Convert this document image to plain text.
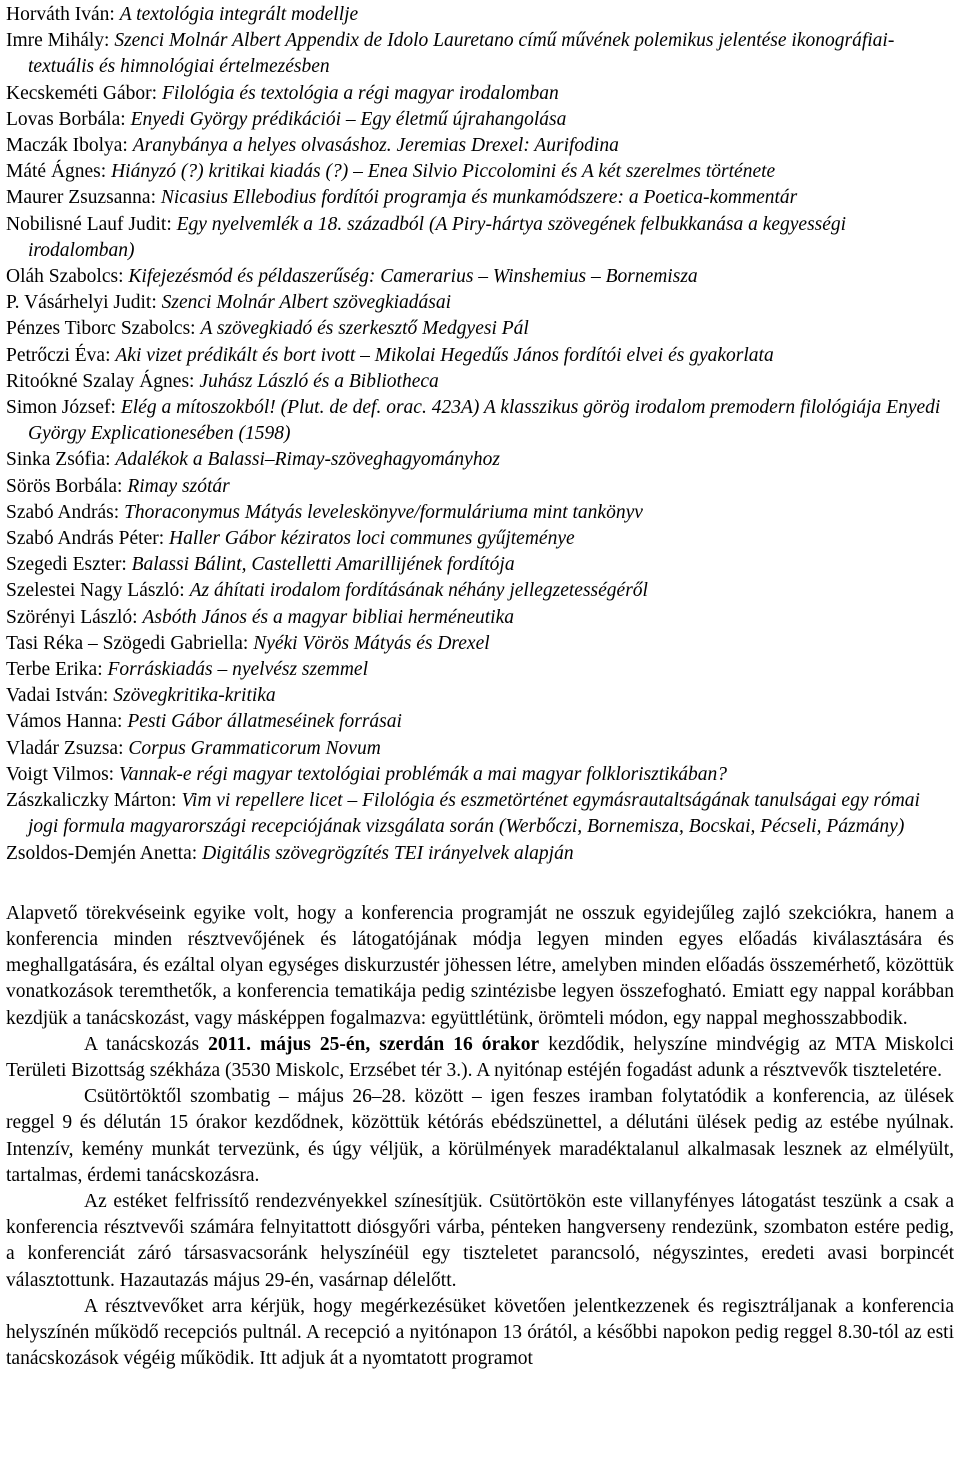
Horváth Iván: A textológia integrált modellje
Imre Mihály: Szenci Molnár Albert Appendix de Idolo Lauretano című művének polemikus jelentése ikonográfiai-textuális és himnológiai értelmezésben
Kecskeméti Gábor: Filológia és textológia a régi magyar irodalomban
Lovas Borbála: Enyedi György prédikációi – Egy életmű újrahangolása
Maczák Ibolya: Aranybánya a helyes olvasáshoz. Jeremias Drexel: Aurifodina
Máté Ágnes: Hiányzó (?) kritikai kiadás (?) – Enea Silvio Piccolomini és A két szerelmes története
Maurer Zsuzsanna: Nicasius Ellebodius fordítói programja és munkamódszere: a Poetica-kommentár
Nobilisné Lauf Judit: Egy nyelvemlék a 18. századból (A Piry-hártya szövegének felbukkanása a kegyességi irodalomban)
Oláh Szabolcs: Kifejezésmód és példaszerűség: Camerarius – Winshemius – Bornemisza
P. Vásárhelyi Judit: Szenci Molnár Albert szövegkiadásai
Pénzes Tiborc Szabolcs: A szövegkiadó és szerkesztő Medgyesi Pál
Petrőczi Éva: Aki vizet prédikált és bort ivott – Mikolai Hegedűs János fordítói elvei és gyakorlata
Ritoókné Szalay Ágnes: Juhász László és a Bibliotheca
Simon József: Elég a mítoszokból! (Plut. de def. orac. 423A) A klasszikus görög irodalom premodern filológiája Enyedi György Explicationesében (1598)
Sinka Zsófia: Adalékok a Balassi–Rimay-szöveghagyományhoz
Sörös Borbála: Rimay szótár
Szabó András: Thoraconymus Mátyás leveleskönyve/formuláriuma mint tankönyv
Szabó András Péter: Haller Gábor kéziratos loci communes gyűjteménye
Szegedi Eszter: Balassi Bálint, Castelletti Amarillijének fordítója
Szelestei Nagy László: Az áhítati irodalom fordításának néhány jellegzetességéről
Szörényi László: Asbóth János és a magyar bibliai herméneutika
Tasi Réka – Szögedi Gabriella: Nyéki Vörös Mátyás és Drexel
Terbe Erika: Forráskiadás – nyelvész szemmel
Vadai István: Szövegkritika-kritika
Vámos Hanna: Pesti Gábor állatmeséinek forrásai
Vladár Zsuzsa: Corpus Grammaticorum Novum
Voigt Vilmos: Vannak-e régi magyar textológiai problémák a mai magyar folklorisztikában?
Zászkaliczky Márton: Vim vi repellere licet – Filológia és eszmetörténet egymásrautaltságának tanulságai egy római jogi formula magyarországi recepciójának vizsgálata során (Werbőczi, Bornemisza, Bocskai, Pécseli, Pázmány)
Zsoldos-Demjén Anetta: Digitális szövegrögzítés TEI irányelvek alapján

Alapvető törekvéseink egyike volt, hogy a konferencia programját ne osszuk egyidejűleg zajló szekciókra, hanem a konferencia minden résztvevőjének és látogatójának módja legyen minden egyes előadás kiválasztására és meghallgatására, és ezáltal olyan egységes diskurzustér jöhessen létre, amelyben minden előadás összemérhető, közöttük vonatkozások teremthetők, a konferencia tematikája pedig szintézisbe legyen összefogható. Emiatt egy nappal korábban kezdjük a tanácskozást, vagy másképpen fogalmazva: együttlétünk, örömteli módon, egy nappal meghosszabbodik.

A tanácskozás 2011. május 25-én, szerdán 16 órakor kezdődik, helyszíne mindvégig az MTA Miskolci Területi Bizottság székháza (3530 Miskolc, Erzsébet tér 3.). A nyitónap estéjén fogadást adunk a résztvevők tiszteletére.

Csütörtöktől szombatig – május 26–28. között – igen feszes iramban folytatódik a konferencia, az ülések reggel 9 és délután 15 órakor kezdődnek, közöttük kétórás ebédszünettel, a délutáni ülések pedig az estébe nyúlnak. Intenzív, kemény munkát tervezünk, és úgy véljük, a körülmények maradéktalanul alkalmasak lesznek az elmélyült, tartalmas, érdemi tanácskozásra.

Az estéket felfrissítő rendezvényekkel színesítjük. Csütörtökön este villanyfényes látogatást teszünk a csak a konferencia résztvevői számára felnyitattott diósgyőri várba, pénteken hangverseny rendezünk, szombaton estére pedig, a konferenciát záró társasvacsoránk helyszínéül egy tiszteletet parancsoló, négyszintes, eredeti avasi borpincét választottunk. Hazautazás május 29-én, vasárnap délelőtt.

A résztvevőket arra kérjük, hogy megérkezésüket követően jelentkezzenek és regisztráljanak a konferencia helyszínén működő recepciós pultnál. A recepció a nyitónapon 13 órától, a későbbi napokon pedig reggel 8.30-tól az esti tanácskozások végéig működik. Itt adjuk át a nyomtatott programot
